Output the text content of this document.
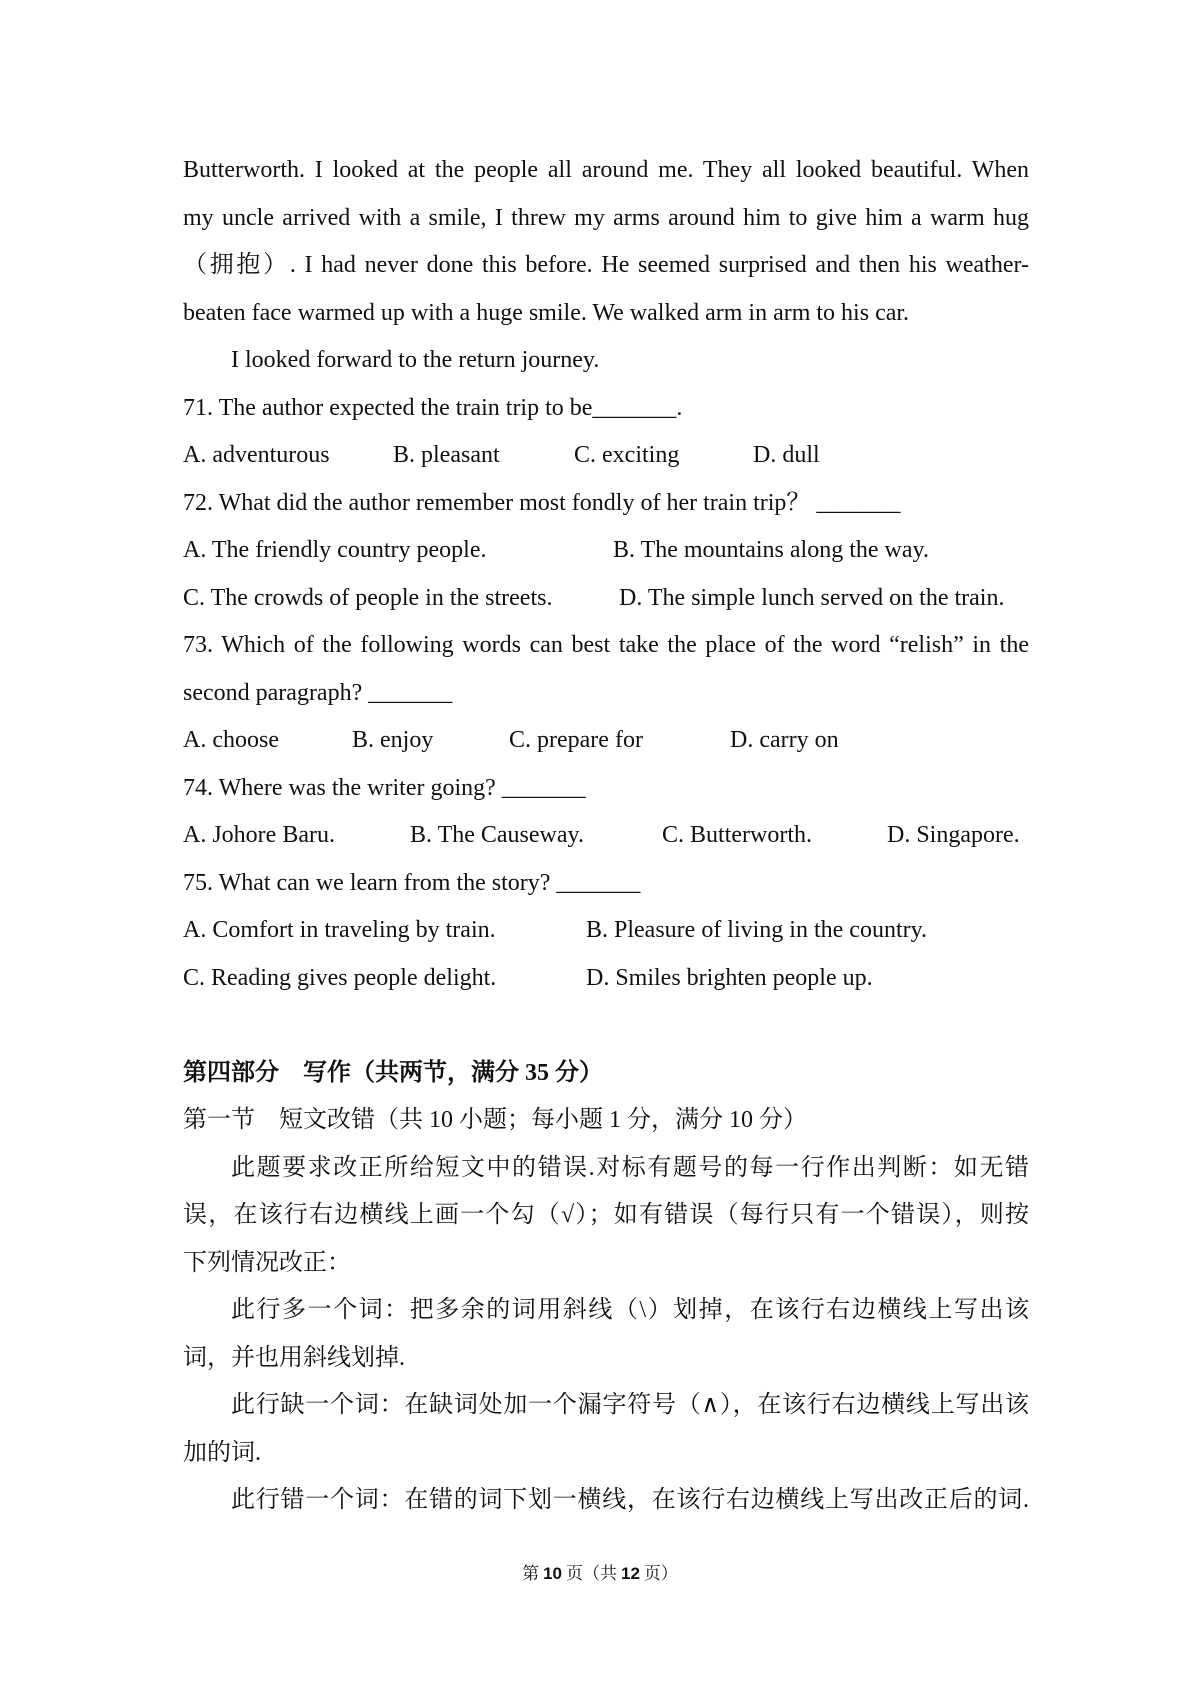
Butterworth. I looked at the people all around me. They all looked beautiful. When
my uncle arrived with a smile, I threw my arms around him to give him a warm hug
（拥抱）. I had never done this before. He seemed surprised and then his weather-
beaten face warmed up with a huge smile. We walked arm in arm to his car.
I looked forward to the return journey.
71. The author expected the train trip to be_______.
A. adventurous	B. pleasant	C. exciting	D. dull
72. What did the author remember most fondly of her train trip？ _______
A. The friendly country people.	B. The mountains along the way.
C. The crowds of people in the streets.	D. The simple lunch served on the train.
73. Which of the following words can best take the place of the word “relish” in the
second paragraph? _______
A. choose	B. enjoy	C. prepare for	D. carry on
74. Where was the writer going? _______
A. Johore Baru.	B. The Causeway.	C. Butterworth.	D. Singapore.
75. What can we learn from the story? _______
A. Comfort in traveling by train.	B. Pleasure of living in the country.
C. Reading gives people delight.	D. Smiles brighten people up.
第四部分　写作（共两节，满分 35 分）
第一节　短文改错（共 10 小题；每小题 1 分，满分 10 分）
此题要求改正所给短文中的错误.对标有题号的每一行作出判断：如无错
误，在该行右边横线上画一个勾（√）；如有错误（每行只有一个错误），则按
下列情况改正：
此行多一个词：把多余的词用斜线（\）划掉，在该行右边横线上写出该
词，并也用斜线划掉.
此行缺一个词：在缺词处加一个漏字符号（∧），在该行右边横线上写出该
加的词.
此行错一个词：在错的词下划一横线，在该行右边横线上写出改正后的词.
第 10 页（共 12 页）
